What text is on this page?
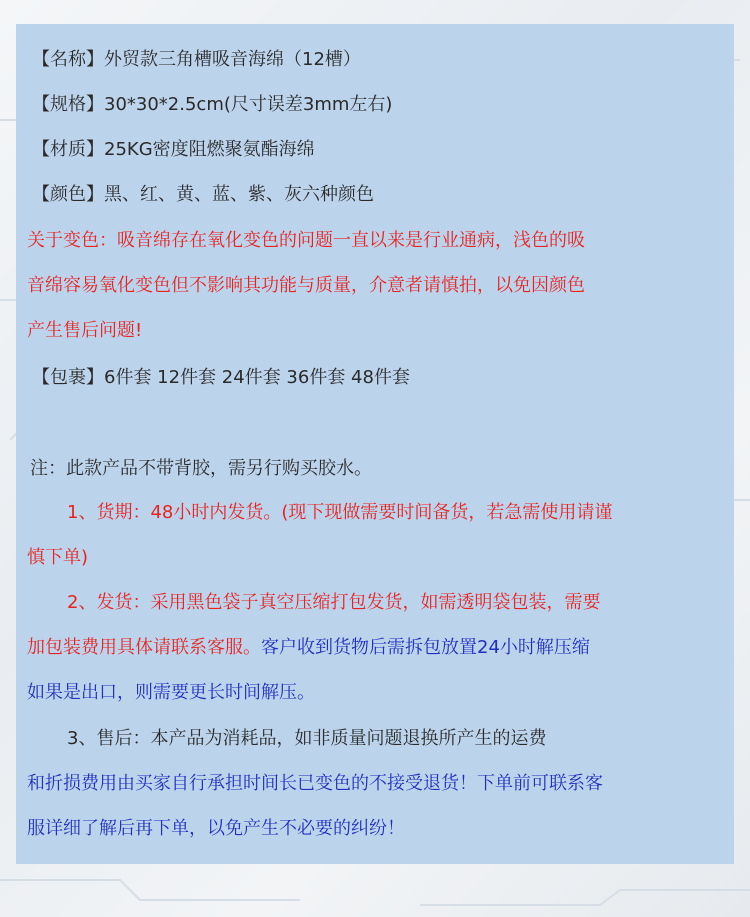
【名称】外贸款三角槽吸音海绵（12槽）
【规格】30*30*2.5cm(尺寸误差3mm左右)
【材质】25KG密度阻燃聚氨酯海绵
【颜色】黑、红、黄、蓝、紫、灰六种颜色
关于变色：吸音绵存在氧化变色的问题一直以来是行业通病，浅色的吸
音绵容易氧化变色但不影响其功能与质量，介意者请慎拍，以免因颜色
产生售后问题!
【包裹】6件套 12件套 24件套 36件套 48件套
注：此款产品不带背胶，需另行购买胶水。
1、货期：48小时内发货。(现下现做需要时间备货，若急需使用请谨
慎下单)
2、发货：采用黑色袋子真空压缩打包发货，如需透明袋包装，需要
加包装费用具体请联系客服。客户收到货物后需拆包放置24小时解压缩
如果是出口，则需要更长时间解压。
3、售后：本产品为消耗品，如非质量问题退换所产生的运费
和折损费用由买家自行承担时间长已变色的不接受退货！下单前可联系客
服详细了解后再下单，以免产生不必要的纠纷！
